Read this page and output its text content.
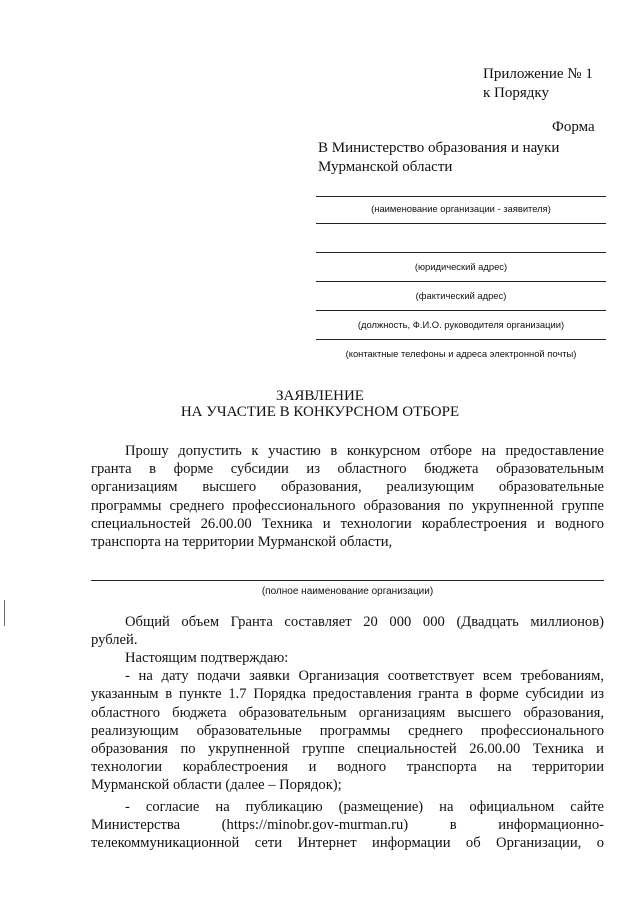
Приложение № 1
к Порядку
Форма
В Министерство образования и науки
Мурманской области
(наименование организации - заявителя)
(юридический адрес)
(фактический адрес)
(должность, Ф.И.О. руководителя организации)
(контактные телефоны и адреса электронной почты)
ЗАЯВЛЕНИЕ
НА УЧАСТИЕ В КОНКУРСНОМ ОТБОРЕ
Прошу допустить к участию в конкурсном отборе на предоставление
гранта в форме субсидии из областного бюджета образовательным
организациям высшего образования, реализующим образовательные
программы среднего профессионального образования по укрупненной группе
специальностей 26.00.00 Техника и технологии кораблестроения и водного
транспорта на территории Мурманской области,
(полное наименование организации)
Общий объем Гранта составляет 20 000 000 (Двадцать миллионов)
рублей.
Настоящим подтверждаю:
- на дату подачи заявки Организация соответствует всем требованиям,
указанным в пункте 1.7 Порядка предоставления гранта в форме субсидии из
областного бюджета образовательным организациям высшего образования,
реализующим образовательные программы среднего профессионального
образования по укрупненной группе специальностей 26.00.00 Техника и
технологии кораблестроения и водного транспорта на территории
Мурманской области (далее – Порядок);
- согласие на публикацию (размещение) на официальном сайте
Министерства (https://minobr.gov-murman.ru) в информационно-
телекоммуникационной сети Интернет информации об Организации, о
